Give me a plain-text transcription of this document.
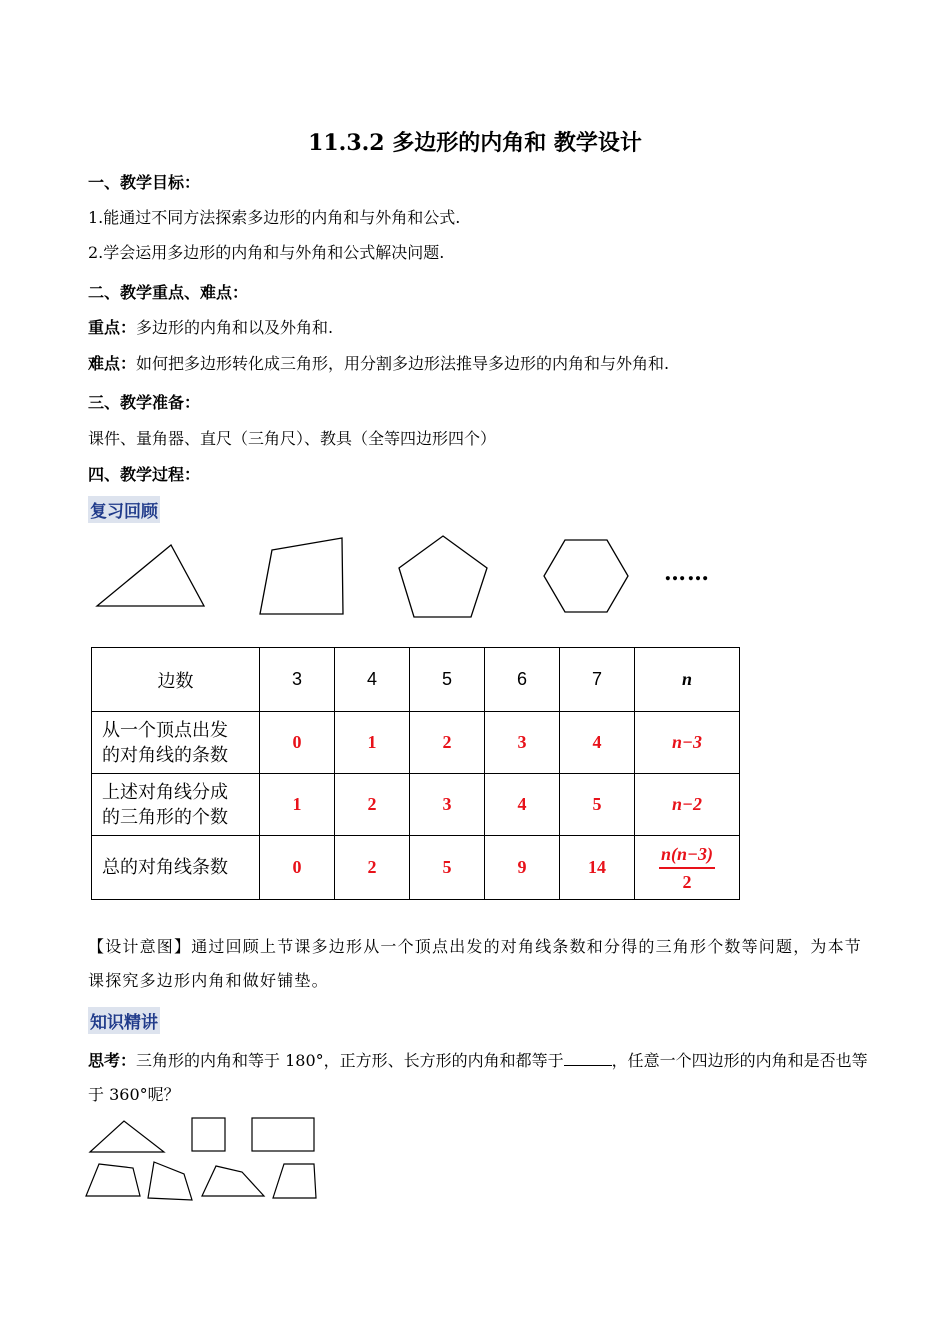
11.3.2 多边形的内角和 教学设计
一、教学目标：
1.能通过不同方法探索多边形的内角和与外角和公式.
2.学会运用多边形的内角和与外角和公式解决问题.
二、教学重点、难点：
重点：多边形的内角和以及外角和.
难点：如何把多边形转化成三角形，用分割多边形法推导多边形的内角和与外角和.
三、教学准备：
课件、量角器、直尺（三角尺）、教具（全等四边形四个）
四、教学过程：
复习回顾
……
边数	3	4	5	6	7	n
从一个顶点出发
的对角线的条数	0	1	2	3	4	n−3
上述对角线分成
的三角形的个数	1	2	3	4	5	n−2
总的对角线条数	0	2	5	9	14	$\frac{n(n-3)}{2}$
【设计意图】通过回顾上节课多边形从一个顶点出发的对角线条数和分得的三角形个数等问题，为本节课探究多边形内角和做好铺垫。
知识精讲
思考：三角形的内角和等于 180°，正方形、长方形的内角和都等于	，任意一个四边形的内角和是否也等于 360°呢？
